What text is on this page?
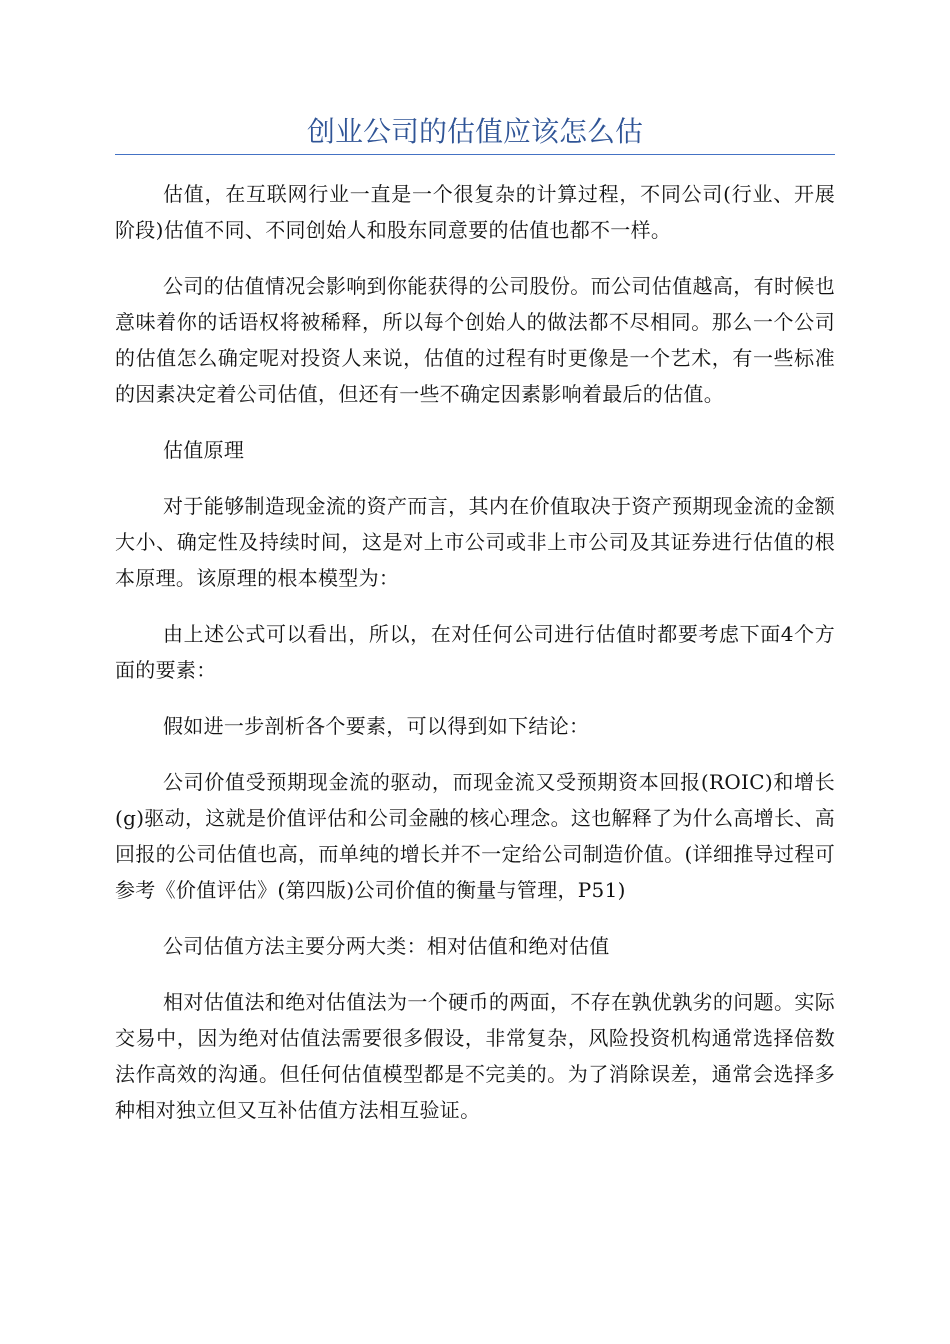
创业公司的估值应该怎么估

估值，在互联网行业一直是一个很复杂的计算过程，不同公司(行业、开展阶段)估值不同、不同创始人和股东同意要的估值也都不一样。

公司的估值情况会影响到你能获得的公司股份。而公司估值越高，有时候也意味着你的话语权将被稀释，所以每个创始人的做法都不尽相同。那么一个公司的估值怎么确定呢对投资人来说，估值的过程有时更像是一个艺术，有一些标准的因素决定着公司估值，但还有一些不确定因素影响着最后的估值。

估值原理

对于能够制造现金流的资产而言，其内在价值取决于资产预期现金流的金额大小、确定性及持续时间，这是对上市公司或非上市公司及其证券进行估值的根本原理。该原理的根本模型为：

由上述公式可以看出，所以，在对任何公司进行估值时都要考虑下面4个方面的要素：

假如进一步剖析各个要素，可以得到如下结论：

公司价值受预期现金流的驱动，而现金流又受预期资本回报(ROIC)和增长(g)驱动，这就是价值评估和公司金融的核心理念。这也解释了为什么高增长、高回报的公司估值也高，而单纯的增长并不一定给公司制造价值。(详细推导过程可参考《价值评估》(第四版)公司价值的衡量与管理，P51)

公司估值方法主要分两大类：相对估值和绝对估值

相对估值法和绝对估值法为一个硬币的两面，不存在孰优孰劣的问题。实际交易中，因为绝对估值法需要很多假设，非常复杂，风险投资机构通常选择倍数法作高效的沟通。但任何估值模型都是不完美的。为了消除误差，通常会选择多种相对独立但又互补估值方法相互验证。
